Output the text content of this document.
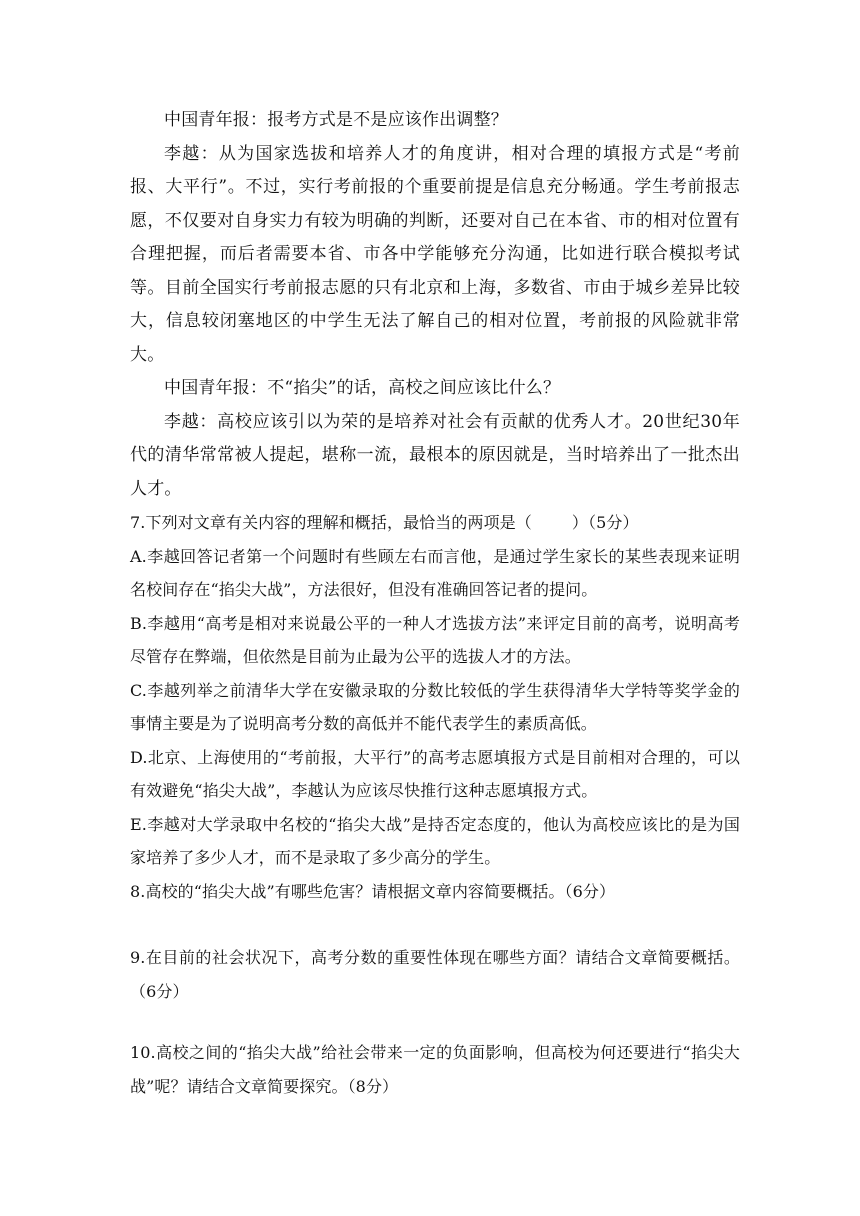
中国青年报：报考方式是不是应该作出调整？

李越：从为国家选拔和培养人才的角度讲，相对合理的填报方式是“考前报、大平行”。不过，实行考前报的个重要前提是信息充分畅通。学生考前报志愿，不仅要对自身实力有较为明确的判断，还要对自己在本省、市的相对位置有合理把握，而后者需要本省、市各中学能够充分沟通，比如进行联合模拟考试等。目前全国实行考前报志愿的只有北京和上海，多数省、市由于城乡差异比较大，信息较闭塞地区的中学生无法了解自己的相对位置，考前报的风险就非常大。

中国青年报：不“掐尖”的话，高校之间应该比什么？

李越：高校应该引以为荣的是培养对社会有贡献的优秀人才。20世纪30年代的清华常常被人提起，堪称一流，最根本的原因就是，当时培养出了一批杰出人才。

7.下列对文章有关内容的理解和概括，最恰当的两项是（	）（5分）

A.李越回答记者第一个问题时有些顾左右而言他，是通过学生家长的某些表现来证明名校间存在“掐尖大战”，方法很好，但没有准确回答记者的提问。

B.李越用“高考是相对来说最公平的一种人才选拔方法”来评定目前的高考，说明高考尽管存在弊端，但依然是目前为止最为公平的选拔人才的方法。

C.李越列举之前清华大学在安徽录取的分数比较低的学生获得清华大学特等奖学金的事情主要是为了说明高考分数的高低并不能代表学生的素质高低。

D.北京、上海使用的“考前报，大平行”的高考志愿填报方式是目前相对合理的，可以有效避免“掐尖大战”，李越认为应该尽快推行这种志愿填报方式。

E.李越对大学录取中名校的“掐尖大战”是持否定态度的，他认为高校应该比的是为国家培养了多少人才，而不是录取了多少高分的学生。

8.高校的“掐尖大战”有哪些危害？请根据文章内容简要概括。（6分）

9.在目前的社会状况下，高考分数的重要性体现在哪些方面？请结合文章简要概括。（6分）

10.高校之间的“掐尖大战”给社会带来一定的负面影响，但高校为何还要进行“掐尖大战”呢？请结合文章简要探究。（8分）
